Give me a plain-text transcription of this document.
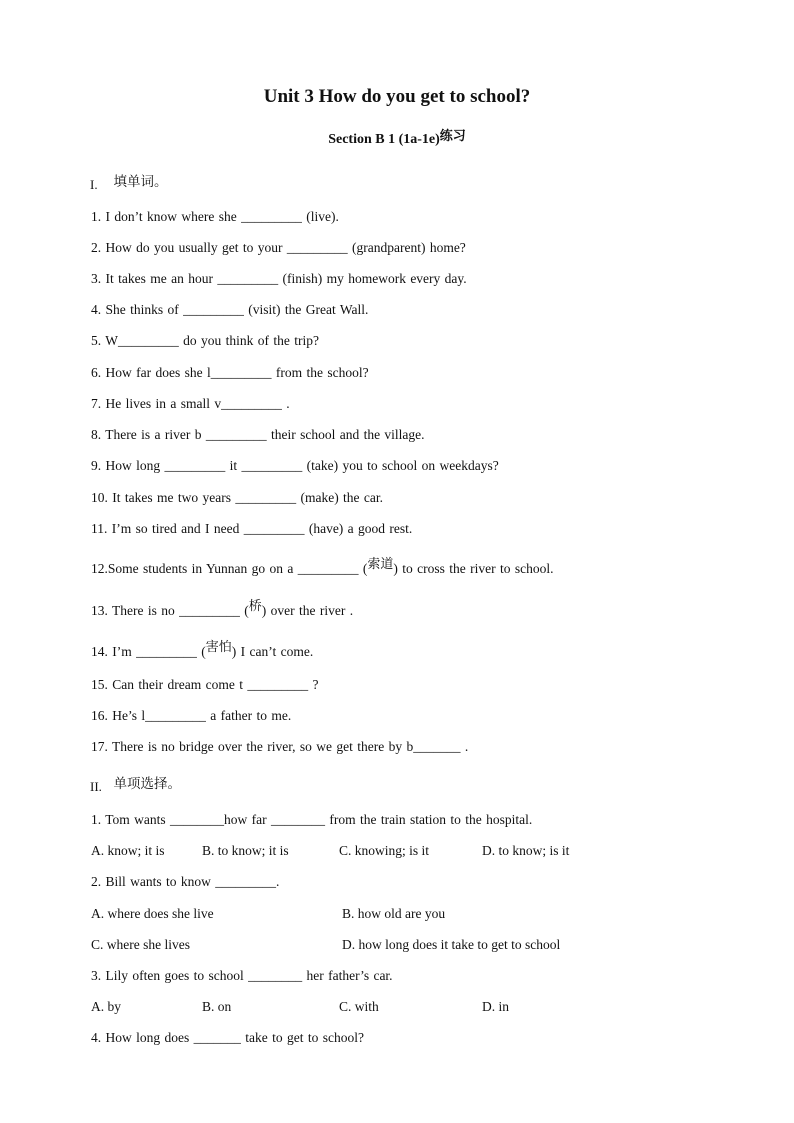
Unit 3 How do you get to school?
Section B 1 (1a-1e)练习
I. 填单词。
1. I don’t know where she _________ (live).
2. How do you usually get to your _________ (grandparent) home?
3. It takes me an hour _________ (finish) my homework every day.
4. She thinks of _________ (visit) the Great Wall.
5. W_________ do you think of the trip?
6. How far does she l_________ from the school?
7. He lives in a small v_________ .
8. There is a river b _________ their school and the village.
9. How long _________ it _________ (take) you to school on weekdays?
10. It takes me two years _________ (make) the car.
11. I’m so tired and I need _________ (have) a good rest.
12.Some students in Yunnan go on a _________ (索道) to cross the river to school.
13. There is no _________ (桥) over the river .
14. I’m _________ (害怕) I can’t come.
15. Can their dream come t _________ ?
16. He’s l_________ a father to me.
17. There is no bridge over the river, so we get there by b_______ .
II. 单项选择。
1. Tom wants ________how far ________ from the train station to the hospital.
A. know; it is	B. to know; it is	C. knowing; is it	D. to know; is it
2. Bill wants to know _________.
A. where does she live	B. how old are you
C. where she lives	D. how long does it take to get to school
3. Lily often goes to school ________ her father’s car.
A. by	B. on	C. with	D. in
4. How long does _______ take to get to school?
